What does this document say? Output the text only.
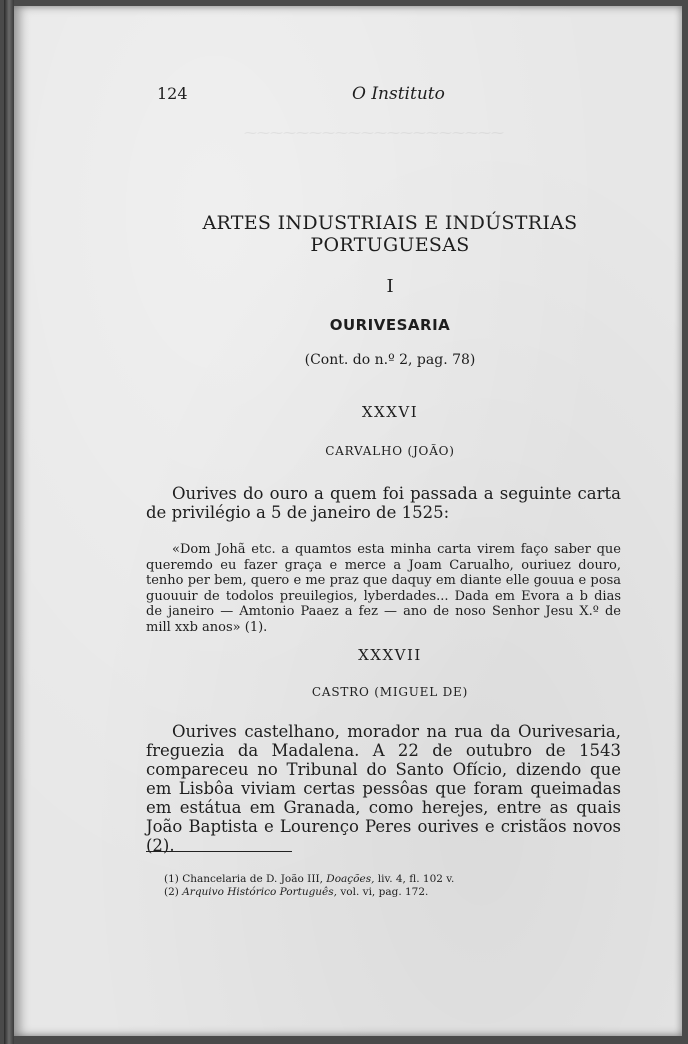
⁓⁓⁓⁓⁓⁓⁓⁓⁓⁓⁓⁓⁓⁓⁓⁓⁓⁓⁓⁓
124	O Instituto
ARTES INDUSTRIAIS E INDÚSTRIAS PORTUGUESAS
I
OURIVESARIA
(Cont. do n.º 2, pag. 78)
XXXVI
CARVALHO (JOÃO)
Ourives do ouro a quem foi passada a seguinte carta de privilégio a 5 de janeiro de 1525:
«Dom Johã etc. a quamtos esta minha carta virem faço saber que queremdo eu fazer graça e merce a Joam Carualho, ouriuez douro, tenho per bem, quero e me praz que daquy em diante elle gouua e posa guouuir de todolos preuilegios, lyberdades... Dada em Evora a b dias de janeiro — Amtonio Paaez a fez — ano de noso Senhor Jesu X.º de mill xxb anos» (1).
XXXVII
CASTRO (MIGUEL DE)
Ourives castelhano, morador na rua da Ourivesaria, freguezia da Madalena. A 22 de outubro de 1543 compareceu no Tribunal do Santo Ofício, dizendo que em Lisbôa viviam certas pessôas que foram queimadas em estátua em Granada, como herejes, entre as quais João Baptista e Lourenço Peres ourives e cristãos novos (2).
(1) Chancelaria de D. João III, Doações, liv. 4, fl. 102 v.
(2) Arquivo Histórico Português, vol. vi, pag. 172.
